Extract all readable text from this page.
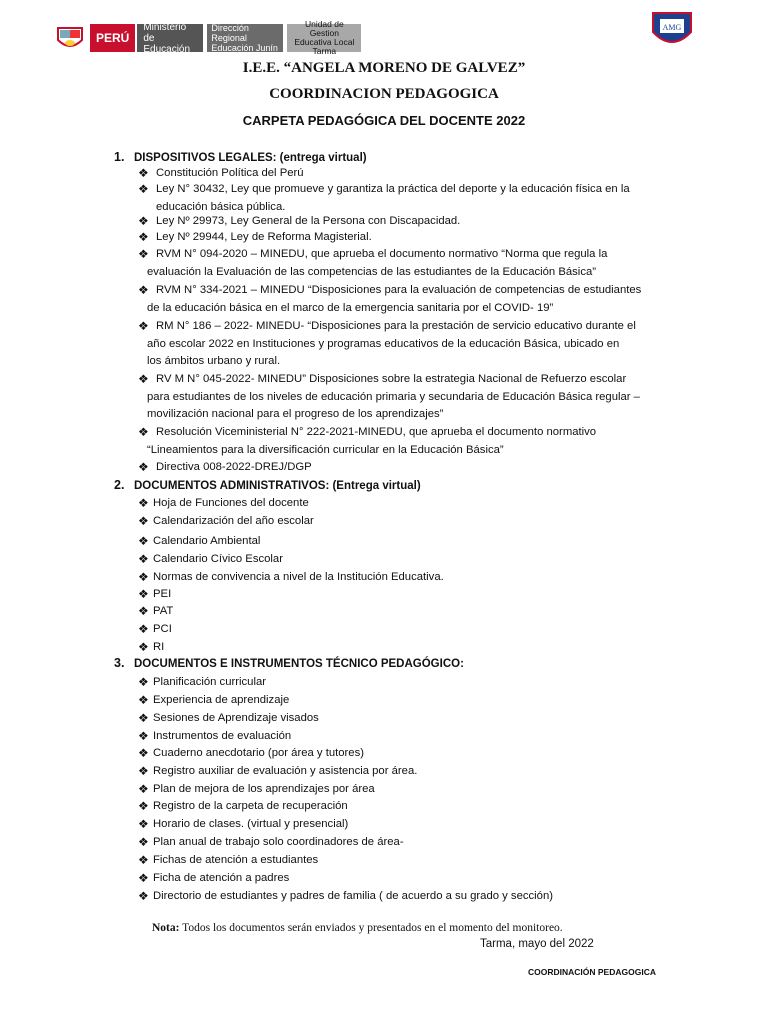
PERÚ
Ministerio de Educación
Dirección Regional Educación Junín
Unidad de Gestion Educativa Local Tarma
AMG
I.E.E. “ANGELA MORENO DE GALVEZ”
COORDINACION PEDAGOGICA
CARPETA PEDAGÓGICA DEL DOCENTE 2022
1. DISPOSITIVOS LEGALES: (entrega virtual)
❖ Constitución Política del Perú
❖ Ley N° 30432, Ley que promueve y garantiza la práctica del deporte y la educación física en la
educación básica pública.
❖ Ley Nº 29973, Ley General de la Persona con Discapacidad.
❖ Ley Nº 29944, Ley de Reforma Magisterial.
❖ RVM N° 094-2020 – MINEDU, que aprueba el documento normativo “Norma que regula la
evaluación la Evaluación de las competencias de las estudiantes de la Educación Básica”
❖ RVM N° 334-2021 – MINEDU “Disposiciones para la evaluación de competencias de estudiantes
de la educación básica en el marco de la emergencia sanitaria por el COVID- 19”
❖ RM N° 186 – 2022- MINEDU- “Disposiciones para la prestación de servicio educativo durante el
año escolar 2022 en Instituciones y programas educativos de la educación Básica, ubicado en
los ámbitos urbano y rural.
❖ RV M N° 045-2022- MINEDU” Disposiciones sobre la estrategia Nacional de Refuerzo escolar
para estudiantes de los niveles de educación primaria y secundaria de Educación Básica regular –
movilización nacional para el progreso de los aprendizajes”
❖ Resolución Viceministerial N° 222-2021-MINEDU, que aprueba el documento normativo
“Lineamientos para la diversificación curricular en la Educación Básica”
❖ Directiva 008-2022-DREJ/DGP
2. DOCUMENTOS ADMINISTRATIVOS: (Entrega virtual)
❖ Hoja de Funciones del docente
❖ Calendarización del año escolar
❖ Calendario Ambiental
❖ Calendario Cívico Escolar
❖ Normas de convivencia a nivel de la Institución Educativa.
❖ PEI
❖ PAT
❖ PCI
❖ RI
3. DOCUMENTOS E INSTRUMENTOS TÉCNICO PEDAGÓGICO:
❖ Planificación curricular
❖ Experiencia de aprendizaje
❖ Sesiones de Aprendizaje visados
❖ Instrumentos de evaluación
❖ Cuaderno anecdotario (por área y tutores)
❖ Registro auxiliar de evaluación y asistencia por área.
❖ Plan de mejora de los aprendizajes por área
❖ Registro de la carpeta de recuperación
❖ Horario de clases. (virtual y presencial)
❖ Plan anual de trabajo solo coordinadores de área-
❖ Fichas de atención a estudiantes
❖ Ficha de atención a padres
❖ Directorio de estudiantes y padres de familia ( de acuerdo a su grado y sección)
Nota: Todos los documentos serán enviados y presentados en el momento del monitoreo.
Tarma, mayo del 2022
COORDINACIÓN PEDAGOGICA
